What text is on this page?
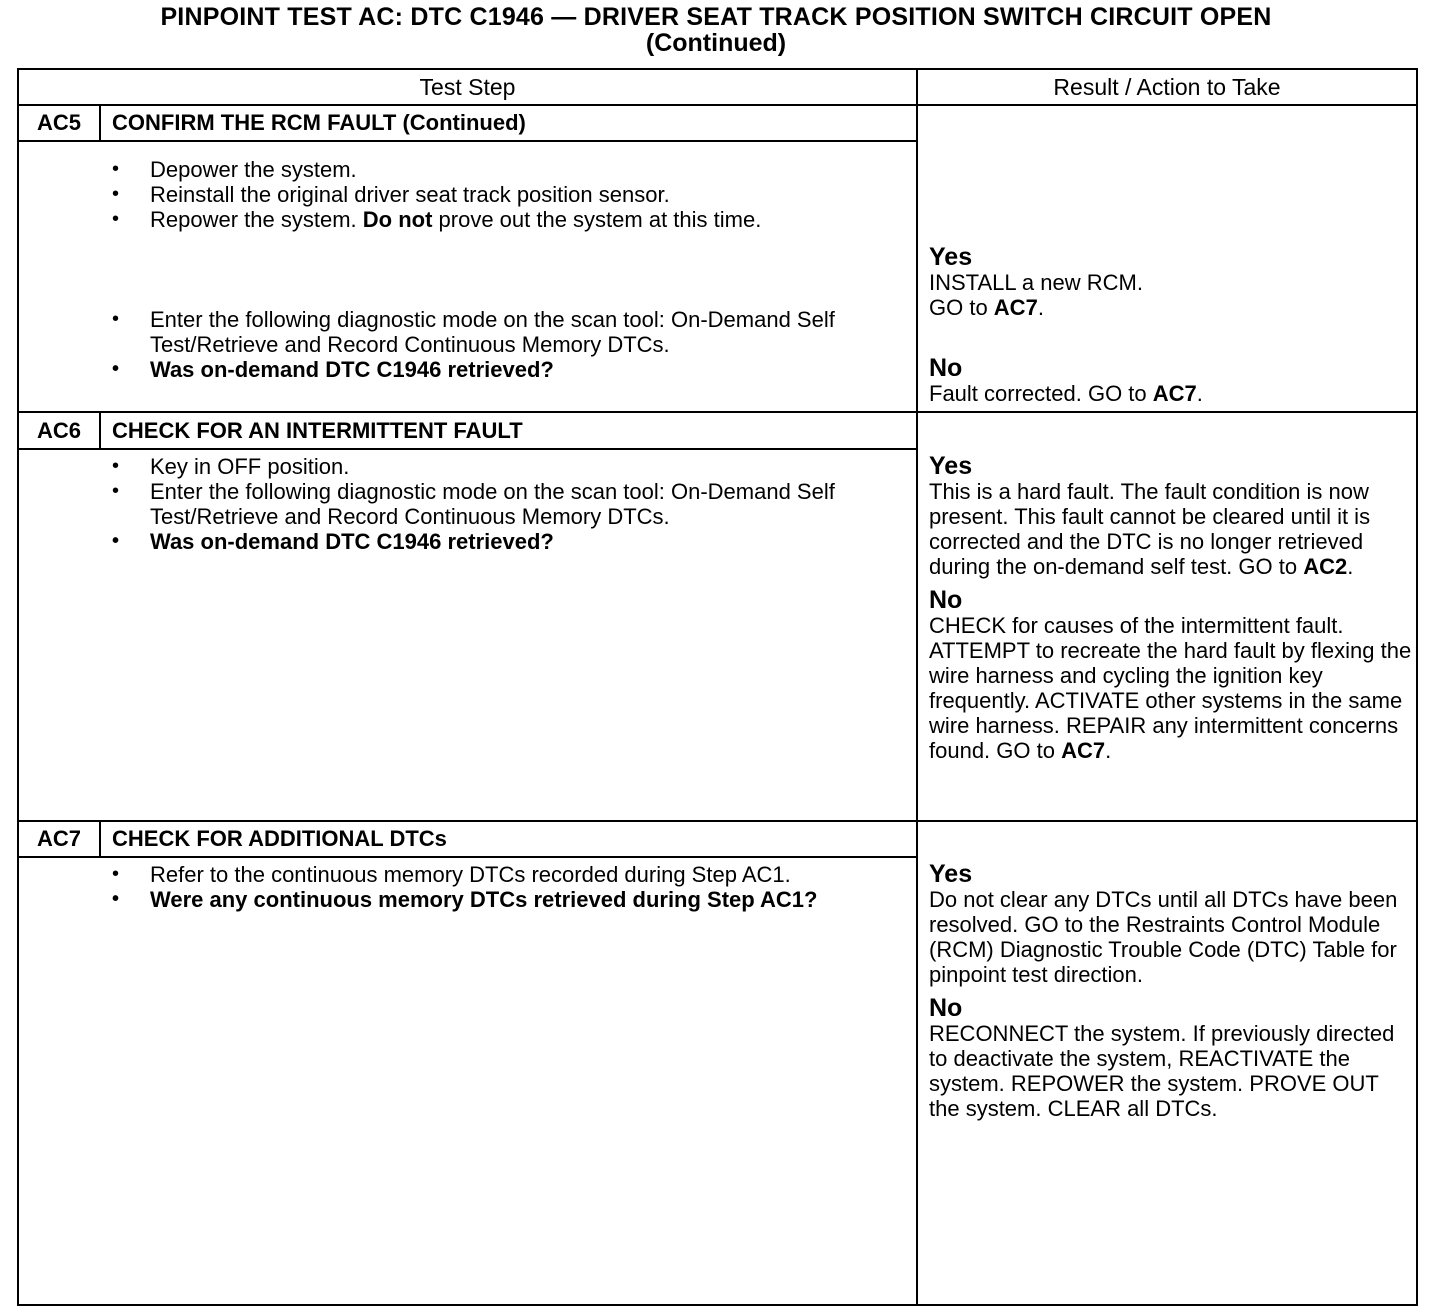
PINPOINT TEST AC: DTC C1946 — DRIVER SEAT TRACK POSITION SWITCH CIRCUIT OPEN
(Continued)
Test Step	Result / Action to Take
AC5	CONFIRM THE RCM FAULT (Continued)
• Depower the system.
• Reinstall the original driver seat track position sensor.
• Repower the system. Do not prove out the system at this time.
• Enter the following diagnostic mode on the scan tool: On-Demand Self Test/Retrieve and Record Continuous Memory DTCs.
• Was on-demand DTC C1946 retrieved?
Yes
INSTALL a new RCM.
GO to AC7.
No
Fault corrected. GO to AC7.
AC6	CHECK FOR AN INTERMITTENT FAULT
• Key in OFF position.
• Enter the following diagnostic mode on the scan tool: On-Demand Self Test/Retrieve and Record Continuous Memory DTCs.
• Was on-demand DTC C1946 retrieved?
Yes
This is a hard fault. The fault condition is now present. This fault cannot be cleared until it is corrected and the DTC is no longer retrieved during the on-demand self test. GO to AC2.
No
CHECK for causes of the intermittent fault. ATTEMPT to recreate the hard fault by flexing the wire harness and cycling the ignition key frequently. ACTIVATE other systems in the same wire harness. REPAIR any intermittent concerns found. GO to AC7.
AC7	CHECK FOR ADDITIONAL DTCs
• Refer to the continuous memory DTCs recorded during Step AC1.
• Were any continuous memory DTCs retrieved during Step AC1?
Yes
Do not clear any DTCs until all DTCs have been resolved. GO to the Restraints Control Module (RCM) Diagnostic Trouble Code (DTC) Table for pinpoint test direction.
No
RECONNECT the system. If previously directed to deactivate the system, REACTIVATE the system. REPOWER the system. PROVE OUT the system. CLEAR all DTCs.
